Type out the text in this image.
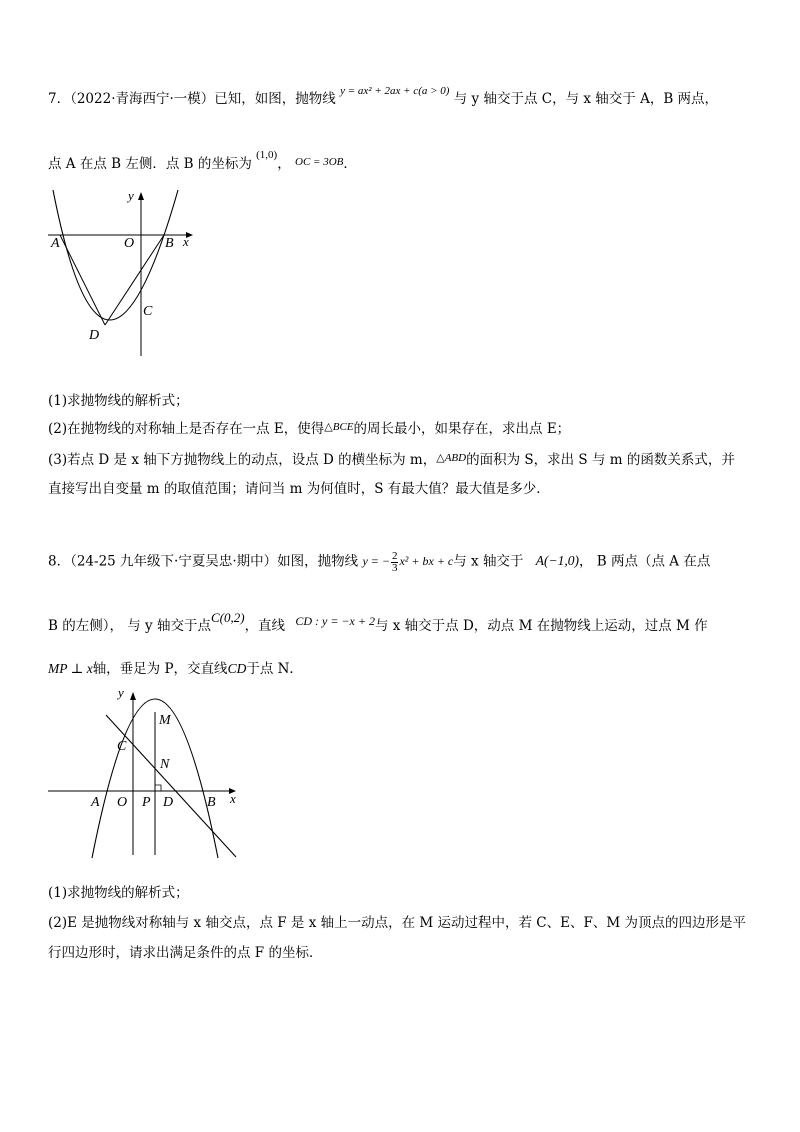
7．（2022·青海西宁·一模）已知，如图，抛物线 $^{y = ax^2 + 2ax + c(a > 0)}$ 与 y 轴交于点 C，与 x 轴交于 A，B 两点，
点 A 在点 B 左侧．点 B 的坐标为 $^{(1,0)}$， $^{OC = 3OB}$．
A	O B x
y
C
D
(1)求抛物线的解析式；
(2)在抛物线的对称轴上是否存在一点 E，使得$^{\triangle BCE}$的周长最小，如果存在，求出点 E；
(3)若点 D 是 x 轴下方抛物线上的动点，设点 D 的横坐标为 m，$^{\triangle ABD}$的面积为 S，求出 S 与 m 的函数关系式，并
直接写出自变量 m 的取值范围；请问当 m 为何值时，S 有最大值？最大值是多少．
8．（24-25 九年级下·宁夏吴忠·期中）如图，抛物线 y = − $\frac{2}{3} x^2$ + bx + c与 x 轴交于 A(−1,0)， B 两点（点 A 在点
B 的左侧）， 与 y 轴交于点C(0,2)，直线 CD : y = −x + 2与 x 轴交于点 D，动点 M 在抛物线上运动，过点 M 作
MP ⊥ x轴，垂足为 P，交直线CD于点 N．
y
M
C
N
A O P D B x
(1)求抛物线的解析式；
(2)E 是抛物线对称轴与 x 轴交点，点 F 是 x 轴上一动点，在 M 运动过程中，若 C、E、F、M 为顶点的四边形是平
行四边形时，请求出满足条件的点 F 的坐标．
